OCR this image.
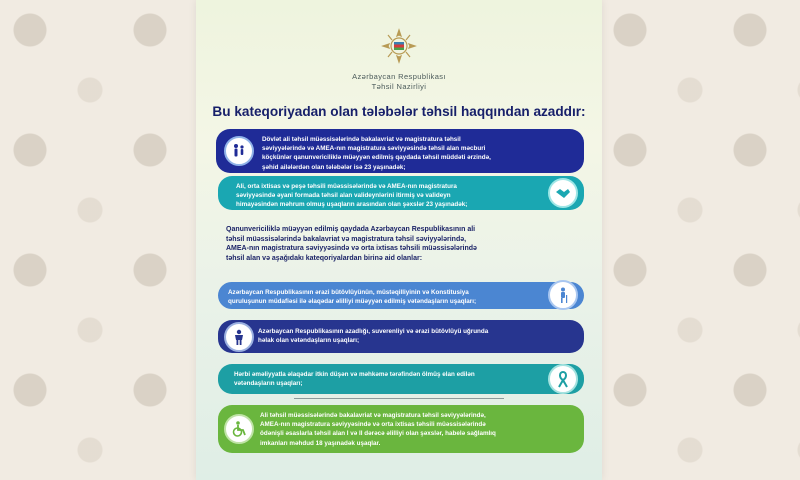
Azərbaycan Respublikası
Təhsil Nazirliyi
Bu kateqoriyadan olan tələbələr təhsil haqqından azaddır:
Dövlət ali təhsil müəssisələrində bakalavriat və magistratura təhsil
səviyyələrində və AMEA-nın magistratura səviyyəsində təhsil alan məcburi
köçkünlər qanunvericiliklə müəyyən edilmiş qaydada təhsil müddəti ərzində,
şəhid ailələrdən olan tələbələr isə 23 yaşınadək;
Ali, orta ixtisas və peşə təhsili müəssisələrində və AMEA-nın magistratura
səviyyəsində əyani formada təhsil alan valideynlərini itirmiş və valideyn
himayəsindən məhrum olmuş uşaqların arasından olan şəxslər 23 yaşınadək;
Qanunvericiliklə müəyyən edilmiş qaydada Azərbaycan Respublikasının ali
təhsil müəssisələrində bakalavriat və magistratura təhsil səviyyələrində,
AMEA-nın magistratura səviyyəsində və orta ixtisas təhsili müəssisələrində
təhsil alan və aşağıdakı kateqoriyalardan birinə aid olanlar:
Azərbaycan Respublikasının ərazi bütövlüyünün, müstəqilliyinin və Konstitusiya
quruluşunun müdafiəsi ilə əlaqədar əlilliyi müəyyən edilmiş vətəndaşların uşaqları;
Azərbaycan Respublikasının azadlığı, suverenliyi və ərazi bütövlüyü uğrunda
həlak olan vətəndaşların uşaqları;
Hərbi əməliyyatla əlaqədar itkin düşən və məhkəmə tərəfindən ölmüş elan edilən
vətəndaşların uşaqları;
Ali təhsil müəssisələrində bakalavriat və magistratura təhsil səviyyələrində,
AMEA-nın magistratura səviyyəsində və orta ixtisas təhsili müəssisələrində
ödənişli əsaslarla təhsil alan I və II dərəcə əlilliyi olan şəxslər, habelə sağlamlıq
imkanları məhdud 18 yaşınadək uşaqlar.
